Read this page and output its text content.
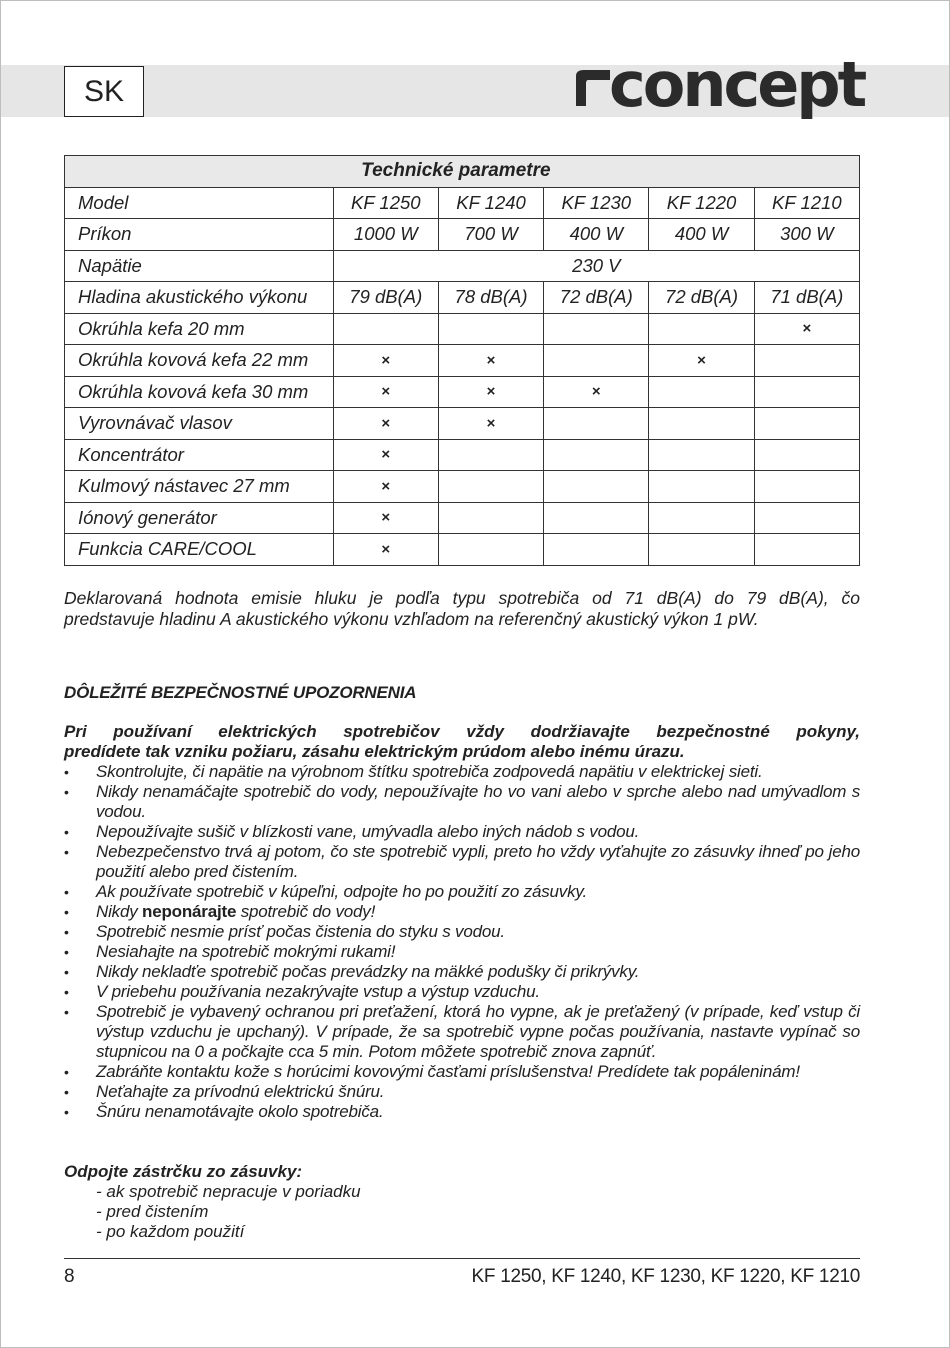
SK	concept
	Technické parametre				
Model	KF 1250	KF 1240	KF 1230	KF 1220	KF 1210
Príkon	1000 W	700 W	400 W	400 W	300 W
Napätie	230 V				
Hladina akustického výkonu	79 dB(A)	78 dB(A)	72 dB(A)	72 dB(A)	71 dB(A)
Okrúhla kefa 20 mm					×
Okrúhla kovová kefa 22 mm	×	×		×	
Okrúhla kovová kefa 30 mm	×	×	×		
Vyrovnávač vlasov	×	×			
Koncentrátor	×				
Kulmový nástavec 27 mm	×				
Iónový generátor	×				
Funkcia CARE/COOL	×				
Deklarovaná hodnota emisie hluku je podľa typu spotrebiča od 71 dB(A) do 79 dB(A), čo
predstavuje hladinu A akustického výkonu vzhľadom na referenčný akustický výkon 1 pW.
DÔLEŽITÉ BEZPEČNOSTNÉ UPOZORNENIA
Pri používaní elektrických spotrebičov vždy dodržiavajte bezpečnostné pokyny,
predídete tak vzniku požiaru, zásahu elektrickým prúdom alebo inému úrazu.
• Skontrolujte, či napätie na výrobnom štítku spotrebiča zodpovedá napätiu v elektrickej sieti.
• Nikdy nenamáčajte spotrebič do vody, nepoužívajte ho vo vani alebo v sprche alebo nad umývadlom s vodou.
• Nepoužívajte sušič v blízkosti vane, umývadla alebo iných nádob s vodou.
• Nebezpečenstvo trvá aj potom, čo ste spotrebič vypli, preto ho vždy vyťahujte zo zásuvky ihneď po jeho použití alebo pred čistením.
• Ak používate spotrebič v kúpeľni, odpojte ho po použití zo zásuvky.
• Nikdy neponárajte spotrebič do vody!
• Spotrebič nesmie prísť počas čistenia do styku s vodou.
• Nesiahajte na spotrebič mokrými rukami!
• Nikdy nekladťe spotrebič počas prevádzky na mäkké podušky či prikrývky.
• V priebehu používania nezakrývajte vstup a výstup vzduchu.
• Spotrebič je vybavený ochranou pri preťažení, ktorá ho vypne, ak je preťažený (v prípade, keď vstup či výstup vzduchu je upchaný). V prípade, že sa spotrebič vypne počas používania, nastavte vypínač so stupnicou na 0 a počkajte cca 5 min. Potom môžete spotrebič znova zapnúť.
• Zabráňte kontaktu kože s horúcimi kovovými časťami príslušenstva! Predídete tak popáleninám!
• Neťahajte za prívodnú elektrickú šnúru.
• Šnúru nenamotávajte okolo spotrebiča.
Odpojte zástrčku zo zásuvky:
- ak spotrebič nepracuje v poriadku
- pred čistením
- po každom použití
8	KF 1250, KF 1240, KF 1230, KF 1220, KF 1210
